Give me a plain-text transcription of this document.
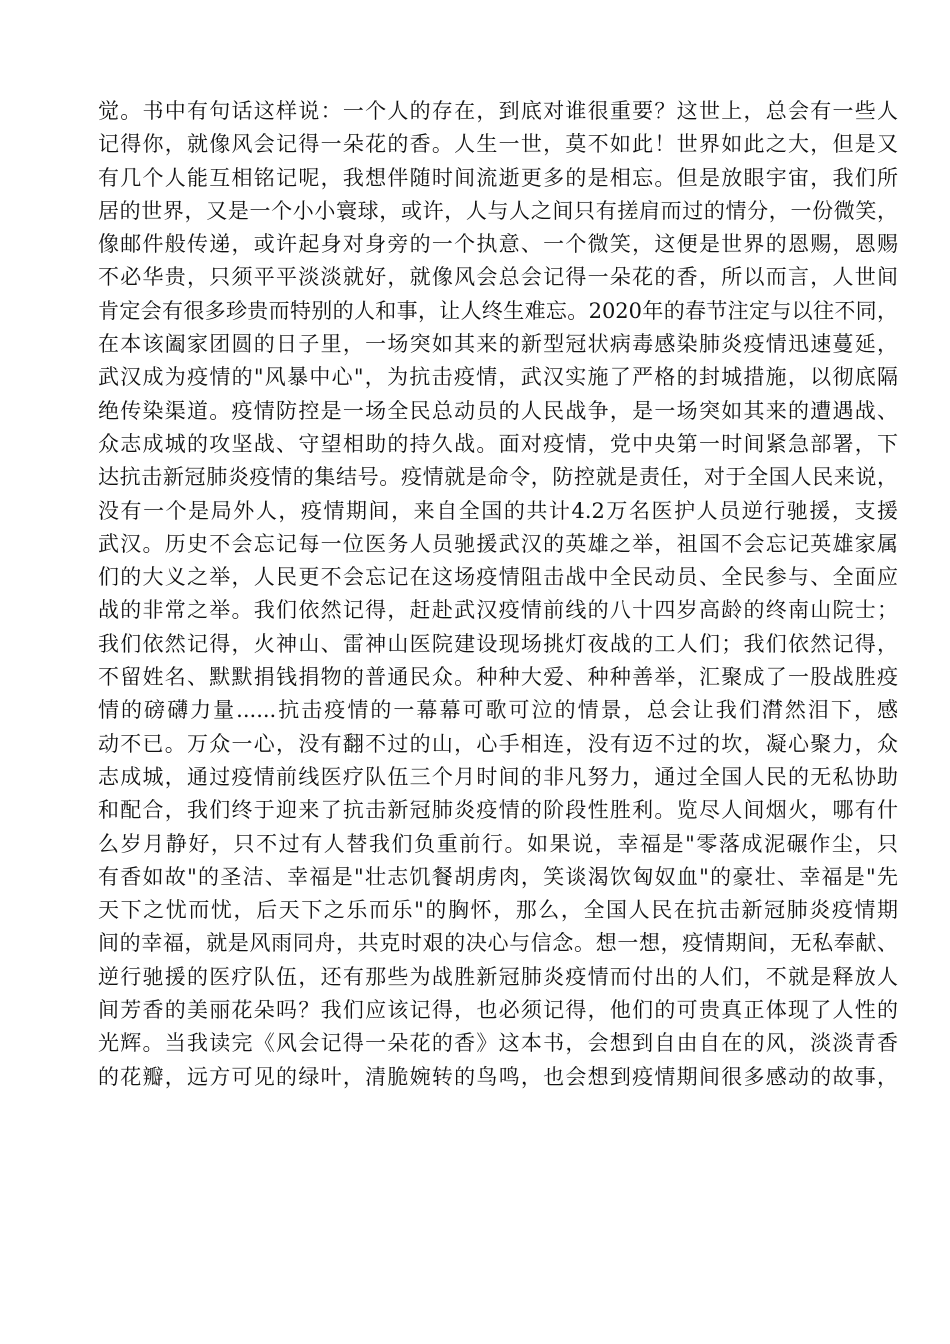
觉。书中有句话这样说：一个人的存在，到底对谁很重要？这世上，总会有一些人
记得你，就像风会记得一朵花的香。人生一世，莫不如此！世界如此之大，但是又
有几个人能互相铭记呢，我想伴随时间流逝更多的是相忘。但是放眼宇宙，我们所
居的世界，又是一个小小寰球，或许，人与人之间只有搓肩而过的情分，一份微笑，
像邮件般传递，或许起身对身旁的一个执意、一个微笑，这便是世界的恩赐，恩赐
不必华贵，只须平平淡淡就好，就像风会总会记得一朵花的香，所以而言，人世间
肯定会有很多珍贵而特别的人和事，让人终生难忘。2020年的春节注定与以往不同，
在本该阖家团圆的日子里，一场突如其来的新型冠状病毒感染肺炎疫情迅速蔓延，
武汉成为疫情的"风暴中心"，为抗击疫情，武汉实施了严格的封城措施，以彻底隔
绝传染渠道。疫情防控是一场全民总动员的人民战争，是一场突如其来的遭遇战、
众志成城的攻坚战、守望相助的持久战。面对疫情，党中央第一时间紧急部署，下
达抗击新冠肺炎疫情的集结号。疫情就是命令，防控就是责任，对于全国人民来说，
没有一个是局外人，疫情期间，来自全国的共计4.2万名医护人员逆行驰援，支援
武汉。历史不会忘记每一位医务人员驰援武汉的英雄之举，祖国不会忘记英雄家属
们的大义之举，人民更不会忘记在这场疫情阻击战中全民动员、全民参与、全面应
战的非常之举。我们依然记得，赶赴武汉疫情前线的八十四岁高龄的终南山院士；
我们依然记得，火神山、雷神山医院建设现场挑灯夜战的工人们；我们依然记得，
不留姓名、默默捐钱捐物的普通民众。种种大爱、种种善举，汇聚成了一股战胜疫
情的磅礴力量......抗击疫情的一幕幕可歌可泣的情景，总会让我们潸然泪下，感
动不已。万众一心，没有翻不过的山，心手相连，没有迈不过的坎，凝心聚力，众
志成城，通过疫情前线医疗队伍三个月时间的非凡努力，通过全国人民的无私协助
和配合，我们终于迎来了抗击新冠肺炎疫情的阶段性胜利。览尽人间烟火，哪有什
么岁月静好，只不过有人替我们负重前行。如果说，幸福是"零落成泥碾作尘，只
有香如故"的圣洁、幸福是"壮志饥餐胡虏肉，笑谈渴饮匈奴血"的豪壮、幸福是"先
天下之忧而忧，后天下之乐而乐"的胸怀，那么，全国人民在抗击新冠肺炎疫情期
间的幸福，就是风雨同舟，共克时艰的决心与信念。想一想，疫情期间，无私奉献、
逆行驰援的医疗队伍，还有那些为战胜新冠肺炎疫情而付出的人们，不就是释放人
间芳香的美丽花朵吗？我们应该记得，也必须记得，他们的可贵真正体现了人性的
光辉。当我读完《风会记得一朵花的香》这本书，会想到自由自在的风，淡淡青香
的花瓣，远方可见的绿叶，清脆婉转的鸟鸣，也会想到疫情期间很多感动的故事，
